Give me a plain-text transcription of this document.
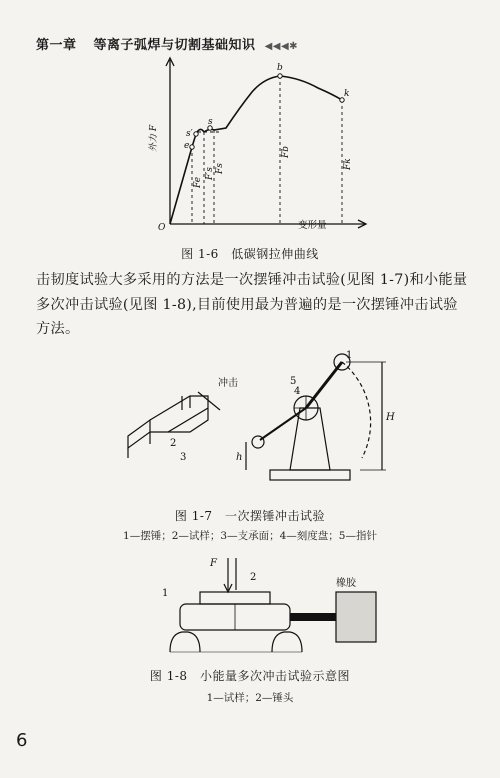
第一章 等离子弧焊与切割基础知识 ◀◀◀✱
外力 F
O	变形量
b
k
s
s′
e
Fe
F′s Fs
Fb
Fk
图 1-6　低碳钢拉伸曲线
击韧度试验大多采用的方法是一次摆锤冲击试验(见图 1-7)和小能量
多次冲击试验(见图 1-8),目前使用最为普遍的是一次摆锤冲击试验
方法。
冲击
1
2
3
4
5
H
h
图 1-7　一次摆锤冲击试验
1—摆锤；2—试样；3—支承面；4—刻度盘；5—指针
F
2
1
橡胶
图 1-8　小能量多次冲击试验示意图
1—试样；2—锤头
6
